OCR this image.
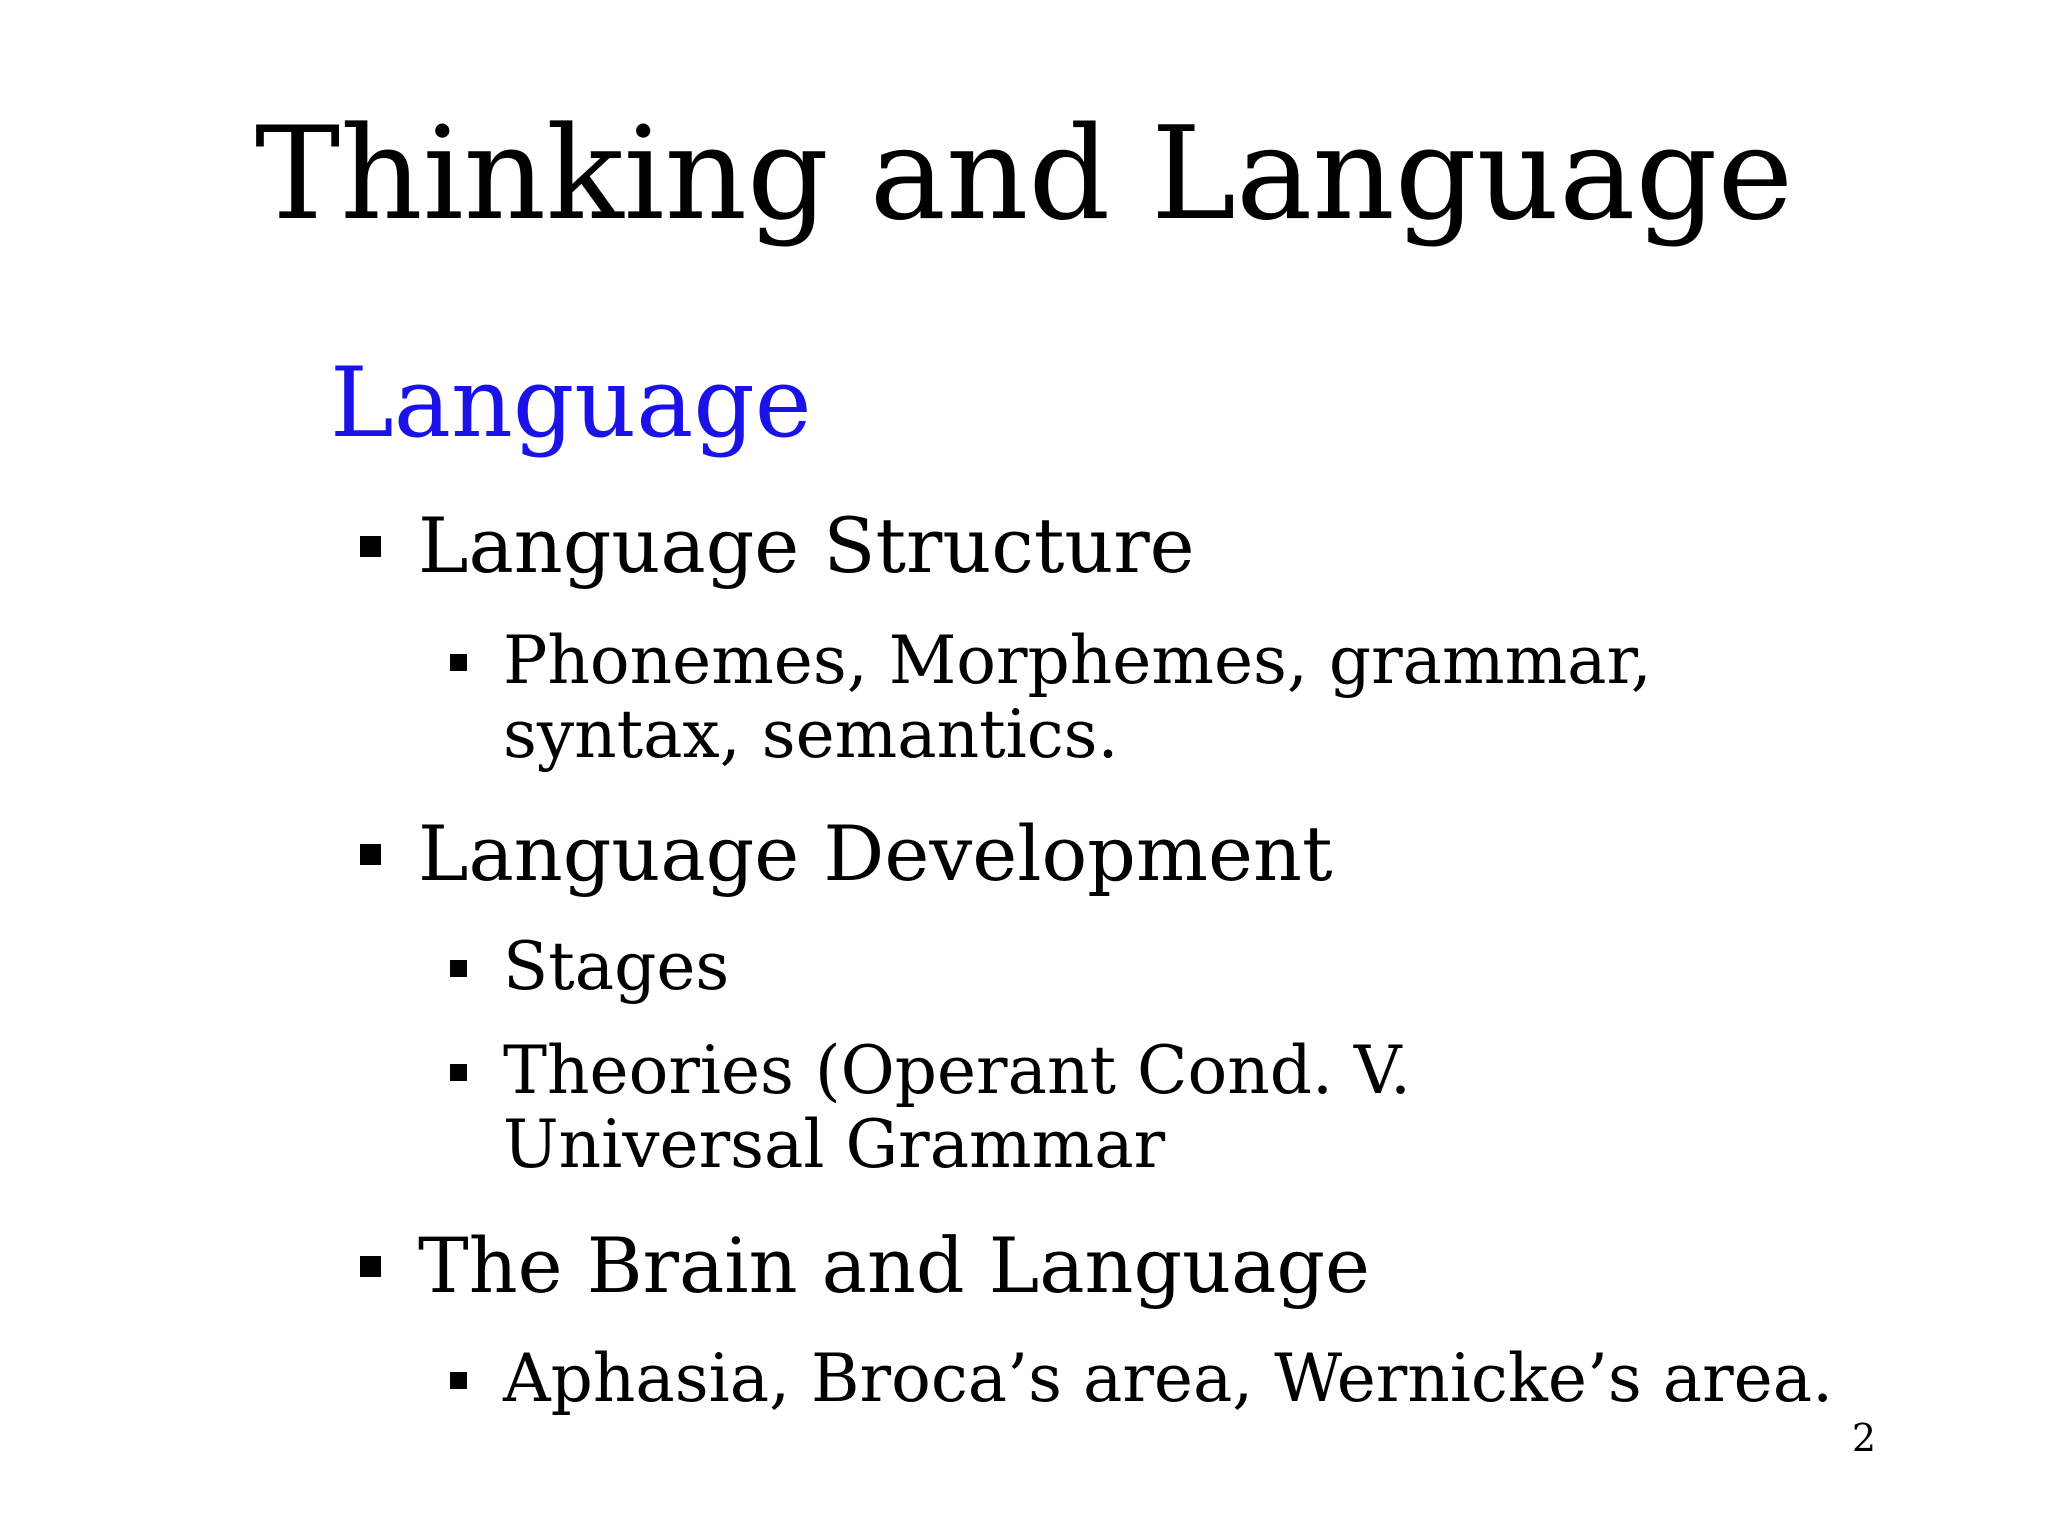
Thinking and Language
Language
Language Structure
Phonemes, Morphemes, grammar, syntax, semantics.
Language Development
Stages
Theories (Operant Cond. V. Universal Grammar
The Brain and Language
Aphasia, Broca’s area, Wernicke’s area.
2
